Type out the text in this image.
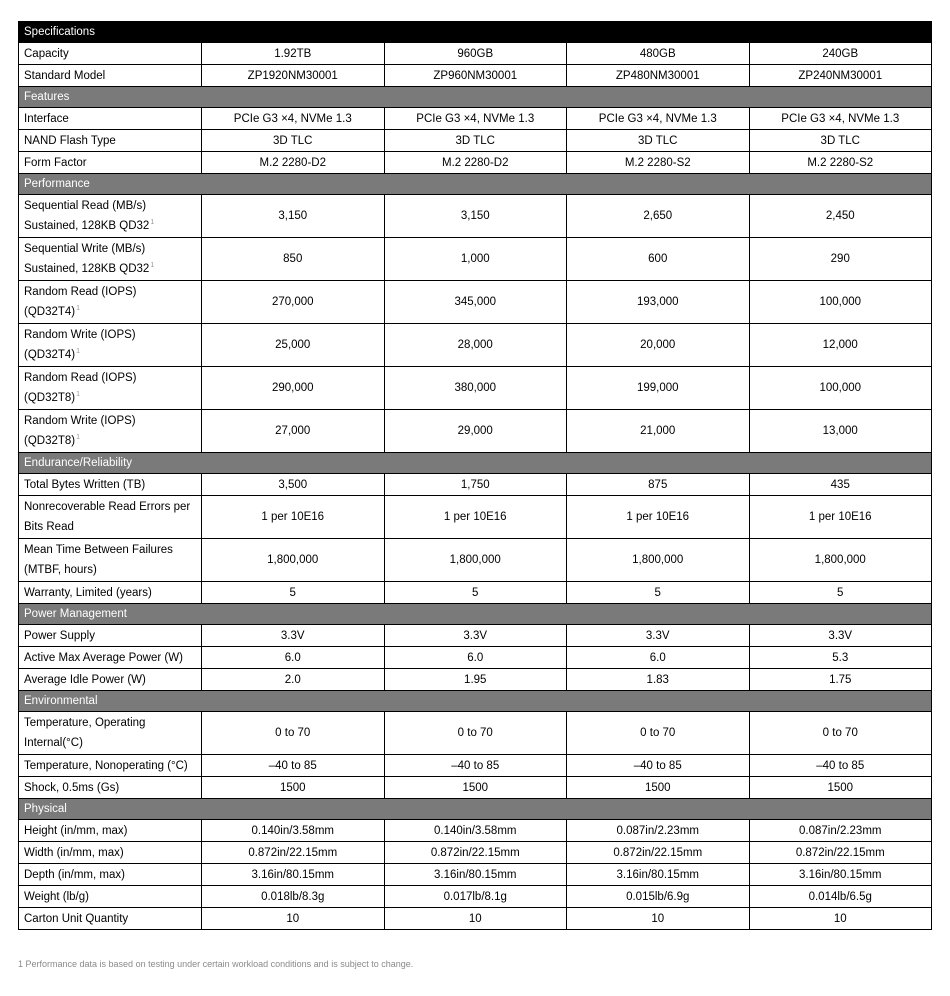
Specifications				
Capacity	1.92TB	960GB	480GB	240GB
Standard Model	ZP1920NM30001	ZP960NM30001	ZP480NM30001	ZP240NM30001
Features				
Interface	PCIe G3 ×4, NVMe 1.3	PCIe G3 ×4, NVMe 1.3	PCIe G3 ×4, NVMe 1.3	PCIe G3 ×4, NVMe 1.3
NAND Flash Type	3D TLC	3D TLC	3D TLC	3D TLC
Form Factor	M.2 2280-D2	M.2 2280-D2	M.2 2280-S2	M.2 2280-S2
Performance				

Sequential Read (MB/s)
Sustained, 128KB QD32$^1$	3,150	3,150	2,650	2,450

Sequential Write (MB/s)
Sustained, 128KB QD32$^1$	850	1,000	600	290

Random Read (IOPS)
(QD32T4)$^1$	270,000	345,000	193,000	100,000

Random Write (IOPS)
(QD32T4)$^1$	25,000	28,000	20,000	12,000

Random Read (IOPS)
(QD32T8)$^1$	290,000	380,000	199,000	100,000

Random Write (IOPS)
(QD32T8)$^1$	27,000	29,000	21,000	13,000
Endurance/Reliability				
Total Bytes Written (TB)	3,500	1,750	875	435

Nonrecoverable Read Errors per
Bits Read	1 per 10E16	1 per 10E16	1 per 10E16	1 per 10E16

Mean Time Between Failures
(MTBF, hours)	1,800,000	1,800,000	1,800,000	1,800,000
Warranty, Limited (years)	5	5	5	5
Power Management				
Power Supply	3.3V	3.3V	3.3V	3.3V
Active Max Average Power (W)	6.0	6.0	6.0	5.3
Average Idle Power (W)	2.0	1.95	1.83	1.75
Environmental				

Temperature, Operating
Internal(°C)	0 to 70	0 to 70	0 to 70	0 to 70
Temperature, Nonoperating (°C)	–40 to 85	–40 to 85	–40 to 85	–40 to 85
Shock, 0.5ms (Gs)	1500	1500	1500	1500
Physical				
Height (in/mm, max)	0.140in/3.58mm	0.140in/3.58mm	0.087in/2.23mm	0.087in/2.23mm
Width (in/mm, max)	0.872in/22.15mm	0.872in/22.15mm	0.872in/22.15mm	0.872in/22.15mm
Depth (in/mm, max)	3.16in/80.15mm	3.16in/80.15mm	3.16in/80.15mm	3.16in/80.15mm
Weight (lb/g)	0.018lb/8.3g	0.017lb/8.1g	0.015lb/6.9g	0.014lb/6.5g
Carton Unit Quantity	10	10	10	10
1 Performance data is based on testing under certain workload conditions and is subject to change.
